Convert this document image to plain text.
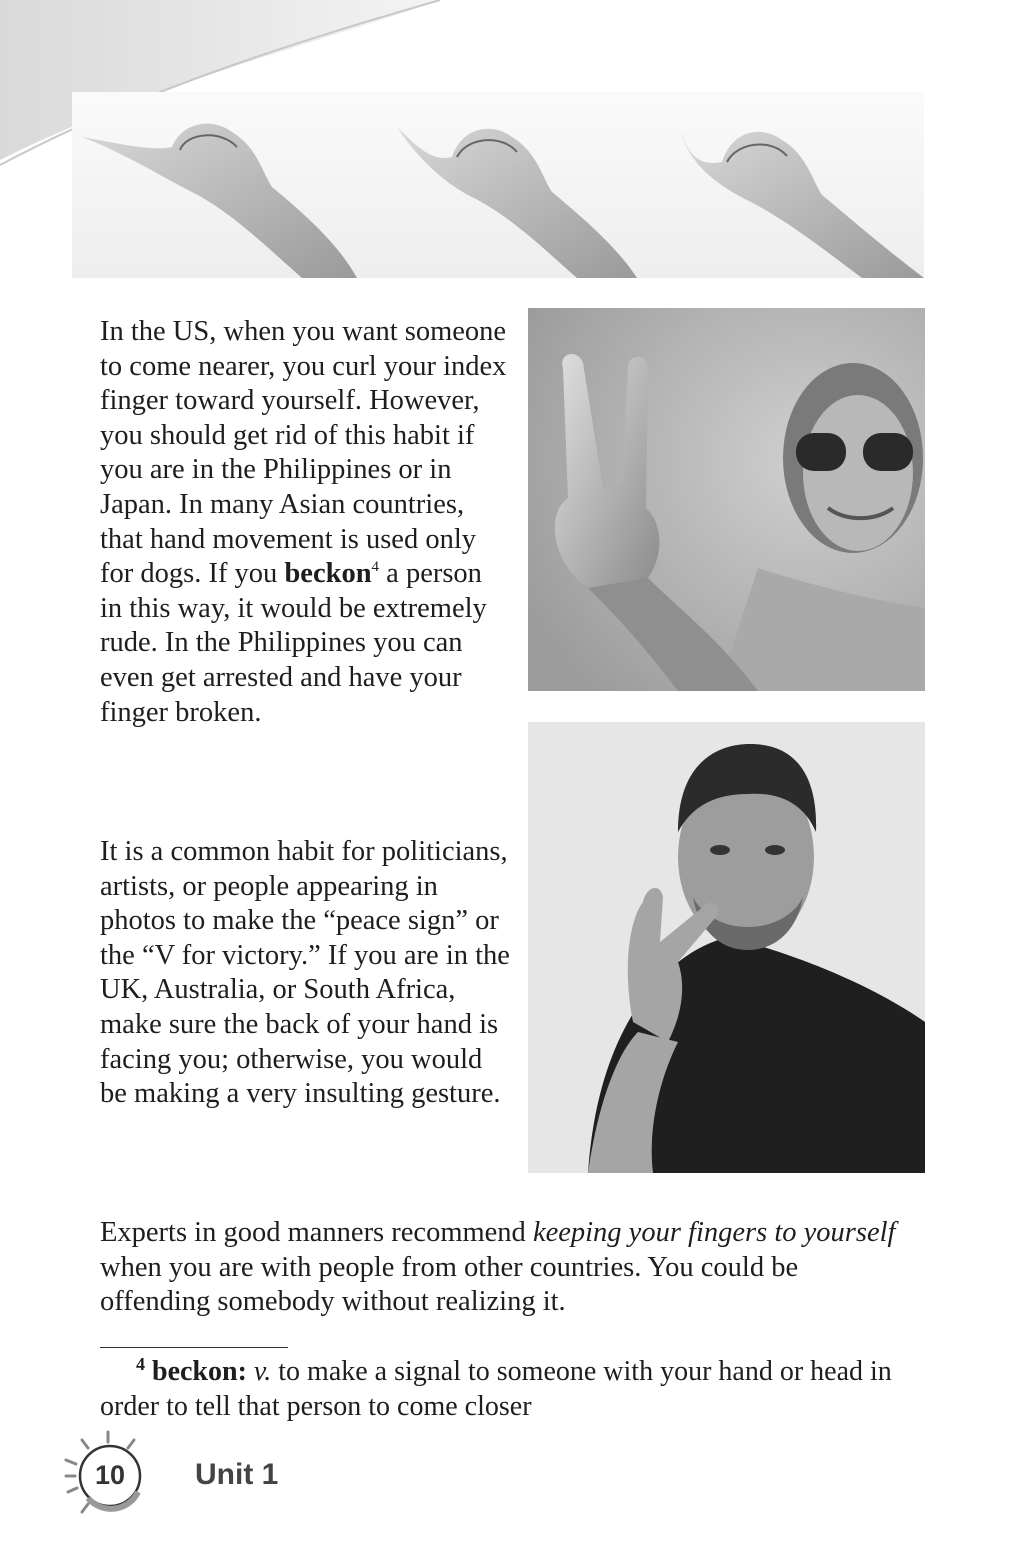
In the US, when you want someone to come nearer, you curl your index finger toward yourself. However, you should get rid of this habit if you are in the Philippines or in Japan. In many Asian countries, that hand movement is used only for dogs. If you beckon$^4$ a person in this way, it would be extremely rude. In the Philippines you can even get arrested and have your finger broken.

It is a common habit for politicians, artists, or people appearing in photos to make the “peace sign” or the “V for victory.” If you are in the UK, Australia, or South Africa, make sure the back of your hand is facing you; otherwise, you would be making a very insulting gesture.

Experts in good manners recommend keeping your fingers to yourself when you are with people from other countries. You could be offending somebody without realizing it.

$^4$ beckon: v. to make a signal to someone with your hand or head in order to tell that person to come closer

10	Unit 1
